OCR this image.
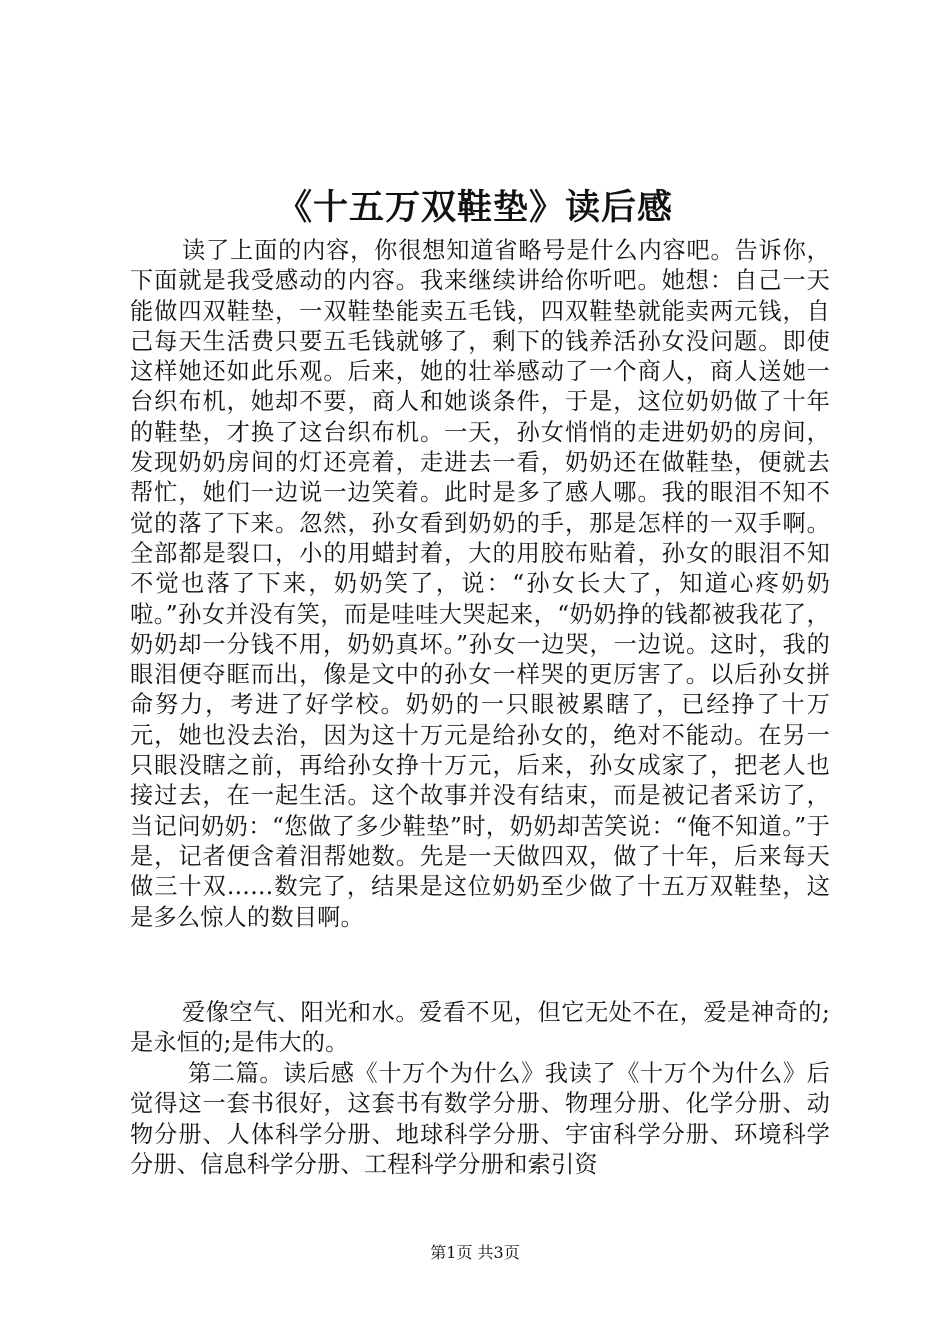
《十五万双鞋垫》读后感
读了上面的内容，你很想知道省略号是什么内容吧。告诉你，下面就是我受感动的内容。我来继续讲给你听吧。她想：自己一天能做四双鞋垫，一双鞋垫能卖五毛钱，四双鞋垫就能卖两元钱，自己每天生活费只要五毛钱就够了，剩下的钱养活孙女没问题。即使这样她还如此乐观。后来，她的壮举感动了一个商人，商人送她一台织布机，她却不要，商人和她谈条件，于是，这位奶奶做了十年的鞋垫，才换了这台织布机。一天，孙女悄悄的走进奶奶的房间，发现奶奶房间的灯还亮着，走进去一看，奶奶还在做鞋垫，便就去帮忙，她们一边说一边笑着。此时是多了感人哪。我的眼泪不知不觉的落了下来。忽然，孙女看到奶奶的手，那是怎样的一双手啊。全部都是裂口，小的用蜡封着，大的用胶布贴着，孙女的眼泪不知不觉也落了下来，奶奶笑了，说：“孙女长大了，知道心疼奶奶啦。”孙女并没有笑，而是哇哇大哭起来，“奶奶挣的钱都被我花了，奶奶却一分钱不用，奶奶真坏。”孙女一边哭，一边说。这时，我的眼泪便夺眶而出，像是文中的孙女一样哭的更厉害了。以后孙女拼命努力，考进了好学校。奶奶的一只眼被累瞎了，已经挣了十万元，她也没去治，因为这十万元是给孙女的，绝对不能动。在另一只眼没瞎之前，再给孙女挣十万元，后来，孙女成家了，把老人也接过去，在一起生活。这个故事并没有结束，而是被记者采访了，当记问奶奶：“您做了多少鞋垫”时，奶奶却苦笑说：“俺不知道。”于是，记者便含着泪帮她数。先是一天做四双，做了十年，后来每天做三十双……数完了，结果是这位奶奶至少做了十五万双鞋垫，这是多么惊人的数目啊。
爱像空气、阳光和水。爱看不见，但它无处不在，爱是神奇的;是永恒的;是伟大的。
第二篇。读后感《十万个为什么》我读了《十万个为什么》后觉得这一套书很好，这套书有数学分册、物理分册、化学分册、动物分册、人体科学分册、地球科学分册、宇宙科学分册、环境科学分册、信息科学分册、工程科学分册和索引资
第1页 共3页
